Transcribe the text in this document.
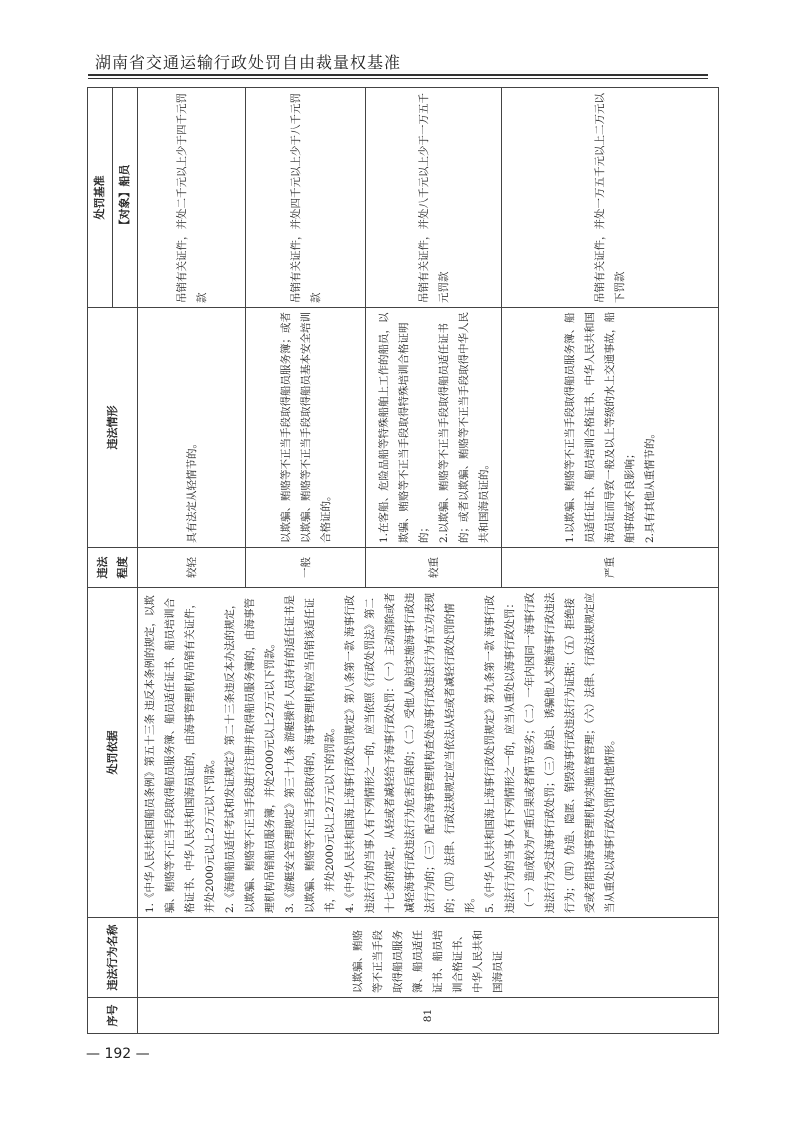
湖南省交通运输行政处罚自由裁量权基准
序号	违法行为名称	处罚依据	违法程度	违法情形	处罚基准
					【对象】船员
81	以欺骗、贿赂等不正当手段取得船员服务簿、船员适任证书、船员培训合格证书、中华人民共和国海员证	1.《中华人民共和国船员条例》第五十三条 违反本条例的规定，以欺骗、贿赂等不正当手段取得船员服务簿、船员适任证书、船员培训合格证书、中华人民共和国海员证的，由海事管理机构吊销有关证件，并处2000元以上2万元以下罚款。 2.《海船船员适任考试和发证规定》第二十三条违反本办法的规定，以欺骗、贿赂等不正当手段进行注册并取得船员服务簿的，由海事管理机构吊销船员服务簿，并处2000元以上2万元以下罚款。 3.《游艇安全管理规定》第三十九条 游艇操作人员持有的适任证书是以欺骗、贿赂等不正当手段取得的，海事管理机构应当吊销该适任证书，并处2000元以上2万元以下的罚款。 4.《中华人民共和国海上海事行政处罚规定》第八条第一款 海事行政违法行为的当事人有下列情形之一的，应当依照《行政处罚法》第二十七条的规定，从轻或者减轻给予海事行政处罚：（一）主动消除或者减轻海事行政违法行为危害后果的；（二）受他人胁迫实施海事行政违法行为的；（三）配合海事管理机构查处海事行政违法行为有立功表现的；（四）法律、行政法规规定应当依法从轻或者减轻行政处罚的情形。 5.《中华人民共和国海上海事行政处罚规定》第九条第一款 海事行政违法行为的当事人有下列情形之一的，应当从重处以海事行政处罚：（一）造成较为严重后果或者情节恶劣；（二）一年内因同一海事行政违法行为受过海事行政处罚；（三）胁迫、诱骗他人实施海事行政违法行为；（四）伪造、隐匿、销毁海事行政违法行为证据；（五）拒绝接受或者阻挠海事管理机构实施监督管理；（六）法律、行政法规规定应当从重处以海事行政处罚的其他情形。	较轻	具有法定从轻情节的。	吊销有关证件，并处二千元以上少于四千元罚款
			一般	以欺骗、贿赂等不正当手段取得船员服务簿；或者以欺骗、贿赂等不正当手段取得船员基本安全培训合格证的。	吊销有关证件，并处四千元以上少于八千元罚款
			较重	1.在客船、危险品船等特殊船舶上工作的船员，以欺骗、贿赂等不正当手段取得特殊培训合格证明的； 2.以欺骗、贿赂等不正当手段取得船员适任证书的；或者以欺骗、贿赂等不正当手段取得中华人民共和国海员证的。	吊销有关证件，并处八千元以上少于一万五千元罚款
			严重	1.以欺骗、贿赂等不正当手段取得船员服务簿、船员适任证书、船员培训合格证书、中华人民共和国海员证而导致一般及以上等级的水上交通事故，船舶事故或不良影响； 2.具有其他从重情节的。	吊销有关证件，并处一万五千元以上二万元以下罚款
— 192 —
